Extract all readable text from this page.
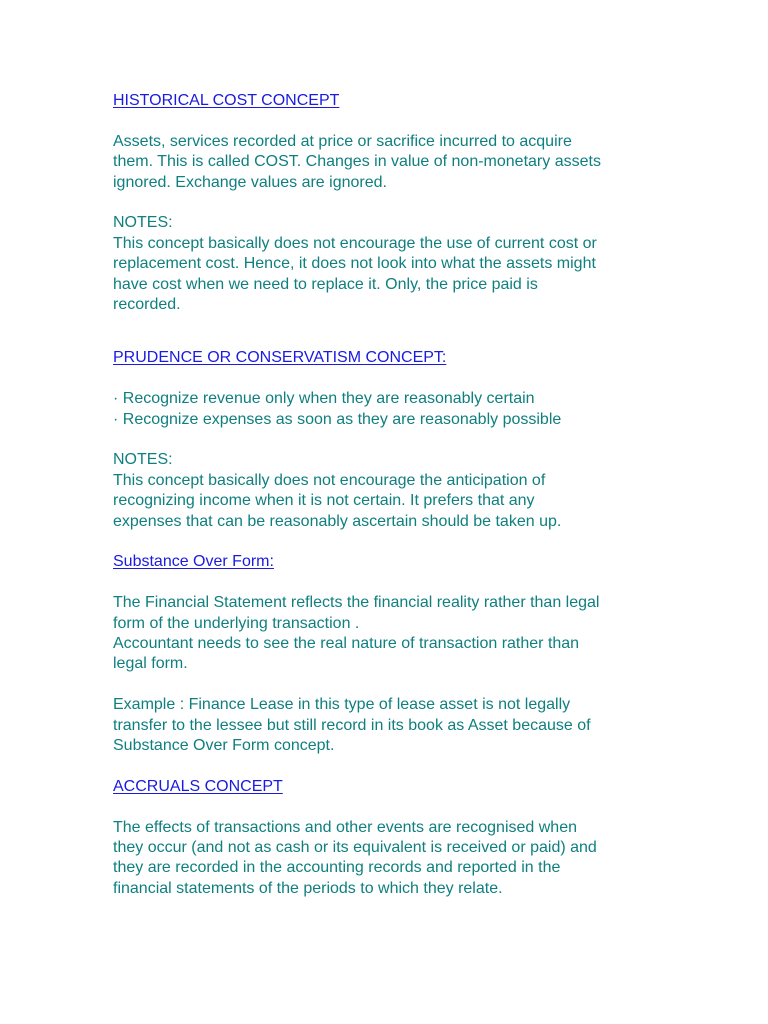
HISTORICAL COST CONCEPT

Assets, services recorded at price or sacrifice incurred to acquire
them. This is called COST. Changes in value of non-monetary assets
ignored. Exchange values are ignored.

NOTES:

This concept basically does not encourage the use of current cost or
replacement cost. Hence, it does not look into what the assets might
have cost when we need to replace it. Only, the price paid is
recorded.

PRUDENCE OR CONSERVATISM CONCEPT:

· Recognize revenue only when they are reasonably certain
· Recognize expenses as soon as they are reasonably possible

NOTES:

This concept basically does not encourage the anticipation of
recognizing income when it is not certain. It prefers that any
expenses that can be reasonably ascertain should be taken up.

Substance Over Form:

The Financial Statement reflects the financial reality rather than legal
form of the underlying transaction .
Accountant needs to see the real nature of transaction rather than
legal form.

Example : Finance Lease in this type of lease asset is not legally
transfer to the lessee but still record in its book as Asset because of
Substance Over Form concept.

ACCRUALS CONCEPT

The effects of transactions and other events are recognised when
they occur (and not as cash or its equivalent is received or paid) and
they are recorded in the accounting records and reported in the
financial statements of the periods to which they relate.
